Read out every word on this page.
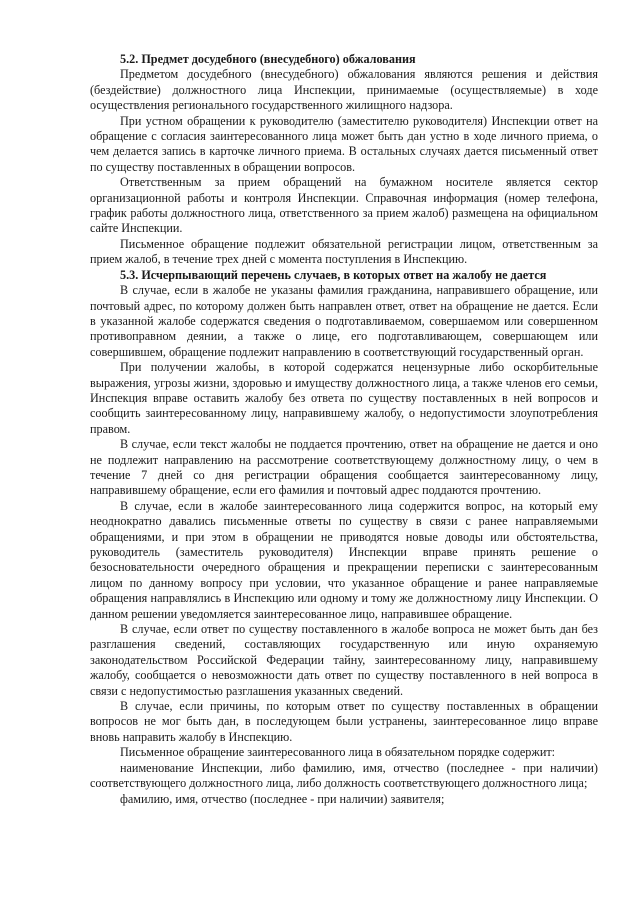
5.2. Предмет досудебного (внесудебного) обжалования

Предметом досудебного (внесудебного) обжалования являются решения и действия (бездействие) должностного лица Инспекции, принимаемые (осуществляемые) в ходе осуществления регионального государственного жилищного надзора.

При устном обращении к руководителю (заместителю руководителя) Инспекции ответ на обращение с согласия заинтересованного лица может быть дан устно в ходе личного приема, о чем делается запись в карточке личного приема. В остальных случаях дается письменный ответ по существу поставленных в обращении вопросов.

Ответственным за прием обращений на бумажном носителе является сектор организационной работы и контроля Инспекции. Справочная информация (номер телефона, график работы должностного лица, ответственного за прием жалоб) размещена на официальном сайте Инспекции.

Письменное обращение подлежит обязательной регистрации лицом, ответственным за прием жалоб, в течение трех дней с момента поступления в Инспекцию.

5.3. Исчерпывающий перечень случаев, в которых ответ на жалобу не дается

В случае, если в жалобе не указаны фамилия гражданина, направившего обращение, или почтовый адрес, по которому должен быть направлен ответ, ответ на обращение не дается. Если в указанной жалобе содержатся сведения о подготавливаемом, совершаемом или совершенном противоправном деянии, а также о лице, его подготавливающем, совершающем или совершившем, обращение подлежит направлению в соответствующий государственный орган.

При получении жалобы, в которой содержатся нецензурные либо оскорбительные выражения, угрозы жизни, здоровью и имуществу должностного лица, а также членов его семьи, Инспекция вправе оставить жалобу без ответа по существу поставленных в ней вопросов и сообщить заинтересованному лицу, направившему жалобу, о недопустимости злоупотребления правом.

В случае, если текст жалобы не поддается прочтению, ответ на обращение не дается и оно не подлежит направлению на рассмотрение соответствующему должностному лицу, о чем в течение 7 дней со дня регистрации обращения сообщается заинтересованному лицу, направившему обращение, если его фамилия и почтовый адрес поддаются прочтению.

В случае, если в жалобе заинтересованного лица содержится вопрос, на который ему неоднократно давались письменные ответы по существу в связи с ранее направляемыми обращениями, и при этом в обращении не приводятся новые доводы или обстоятельства, руководитель (заместитель руководителя) Инспекции вправе принять решение о безосновательности очередного обращения и прекращении переписки с заинтересованным лицом по данному вопросу при условии, что указанное обращение и ранее направляемые обращения направлялись в Инспекцию или одному и тому же должностному лицу Инспекции. О данном решении уведомляется заинтересованное лицо, направившее обращение.

В случае, если ответ по существу поставленного в жалобе вопроса не может быть дан без разглашения сведений, составляющих государственную или иную охраняемую законодательством Российской Федерации тайну, заинтересованному лицу, направившему жалобу, сообщается о невозможности дать ответ по существу поставленного в ней вопроса в связи с недопустимостью разглашения указанных сведений.

В случае, если причины, по которым ответ по существу поставленных в обращении вопросов не мог быть дан, в последующем были устранены, заинтересованное лицо вправе вновь направить жалобу в Инспекцию.

Письменное обращение заинтересованного лица в обязательном порядке содержит:

наименование Инспекции, либо фамилию, имя, отчество (последнее - при наличии) соответствующего должностного лица, либо должность соответствующего должностного лица;

фамилию, имя, отчество (последнее - при наличии) заявителя;
